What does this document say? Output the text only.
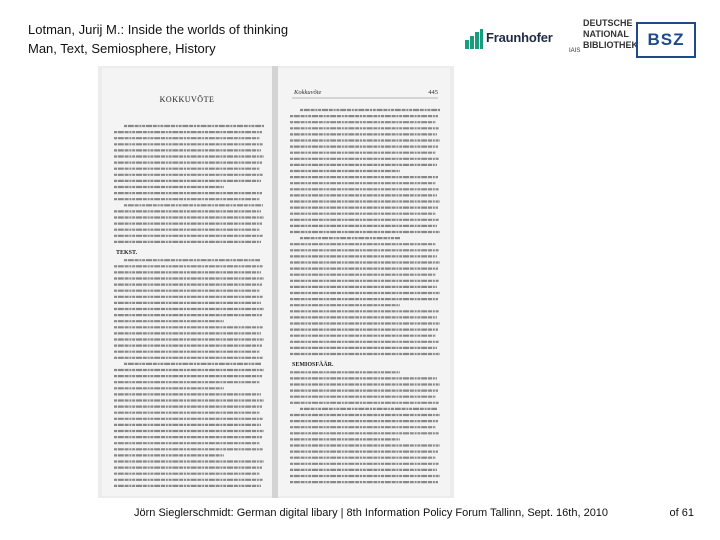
Lotman, Jurij M.: Inside the worlds of thinking
Man, Text, Semiosphere, History
Fraunhofer
IAIS
DEUTSCHE
NATIONAL
BIBLIOTHEK BSZ
KOKKUVÕTE
Kokkuvõte	445
TEKST.
SEMIOSFÄÄR.
Jörn Sieglerschmidt: German digital libary | 8th Information Policy Forum Tallinn, Sept. 16th, 2010	of 61
